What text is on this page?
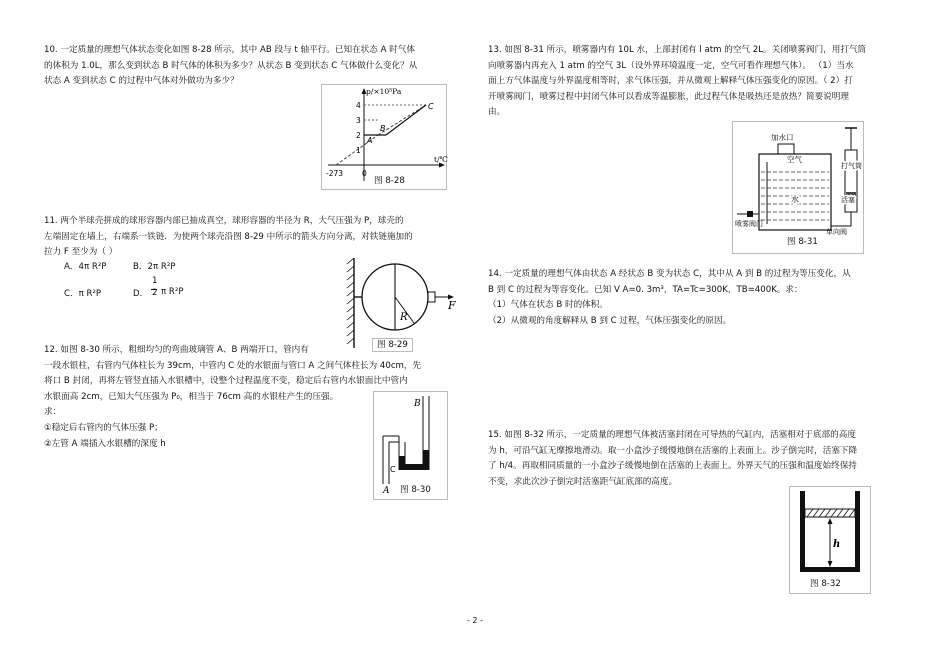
10. 一定质量的理想气体状态变化如图 8-28 所示，其中 AB 段与 t 轴平行。已知在状态 A 时气体
的体积为 1.0L，那么变到状态 B 时气体的体积为多少？从状态 B 变到状态 C 气体做什么变化？从
状态 A 变到状态 C 的过程中气体对外做功为多少？
p/×10⁵Pa
t/℃
4
3
2
1
-273	0
A
B
C
图 8-28
11. 两个半球壳拼成的球形容器内部已抽成真空，球形容器的半径为 R，大气压强为 P，球壳的
左端固定在墙上，右端系一铁链．为使两个球壳沿图 8-29 中所示的箭头方向分离，对铁链施加的
拉力 F 至少为（ ）
A．4π R²P	B．2π R²P
C．π R²P	D．
1
2 π R²P
R
F
图 8-29
12. 如图 8-30 所示，粗细均匀的弯曲玻璃管 A、B 两端开口，管内有
一段水银柱，右管内气体柱长为 39cm，中管内 C 处的水银面与管口 A 之间气体柱长为 40cm，先
将口 B 封闭，再将左管竖直插入水银槽中，设整个过程温度不变，稳定后右管内水银面比中管内
水银面高 2cm，已知大气压强为 P₀，相当于 76cm 高的水银柱产生的压强。
求：
①稳定后右管内的气体压强 P；
②左管 A 端插入水银槽的深度 h
B
C
A 图 8-30
13. 如图 8-31 所示，喷雾器内有 10L 水，上部封闭有 l atm 的空气 2L。关闭喷雾阀门，用打气筒
向喷雾器内再充入 1 atm 的空气 3L（设外界环境温度一定，空气可看作理想气体）。 （1）当水
面上方气体温度与外界温度相等时，求气体压强，并从微观上解释气体压强变化的原因。（ 2）打
开喷雾阀门，喷雾过程中封闭气体可以看成等温膨胀，此过程气体是吸热还是放热？简要说明理
由。
加水口
空气
水
打气筒
活塞
单向阀
喷雾阀门
图 8-31
14. 一定质量的理想气体由状态 A 经状态 B 变为状态 C，其中从 A 到 B 的过程为等压变化，从
B 到 C 的过程为等容变化。已知 V A=0. 3m³，TA=Tc=300K，TB=400K。求：
（1）气体在状态 B 时的体积。
（2）从微观的角度解释从 B 到 C 过程，气体压强变化的原因。
15. 如图 8-32 所示，一定质量的理想气体被活塞封闭在可导热的气缸内，活塞相对于底部的高度
为 h，可沿气缸无摩擦地滑动。取一小盒沙子缓慢地倒在活塞的上表面上。沙子倒完时，活塞下降
了 h/4。再取相同质量的一小盒沙子缓慢地倒在活塞的上表面上。外界天气的压强和温度始终保持
不变，求此次沙子倒完时活塞距气缸底部的高度。
h
图 8-32
- 2 -
